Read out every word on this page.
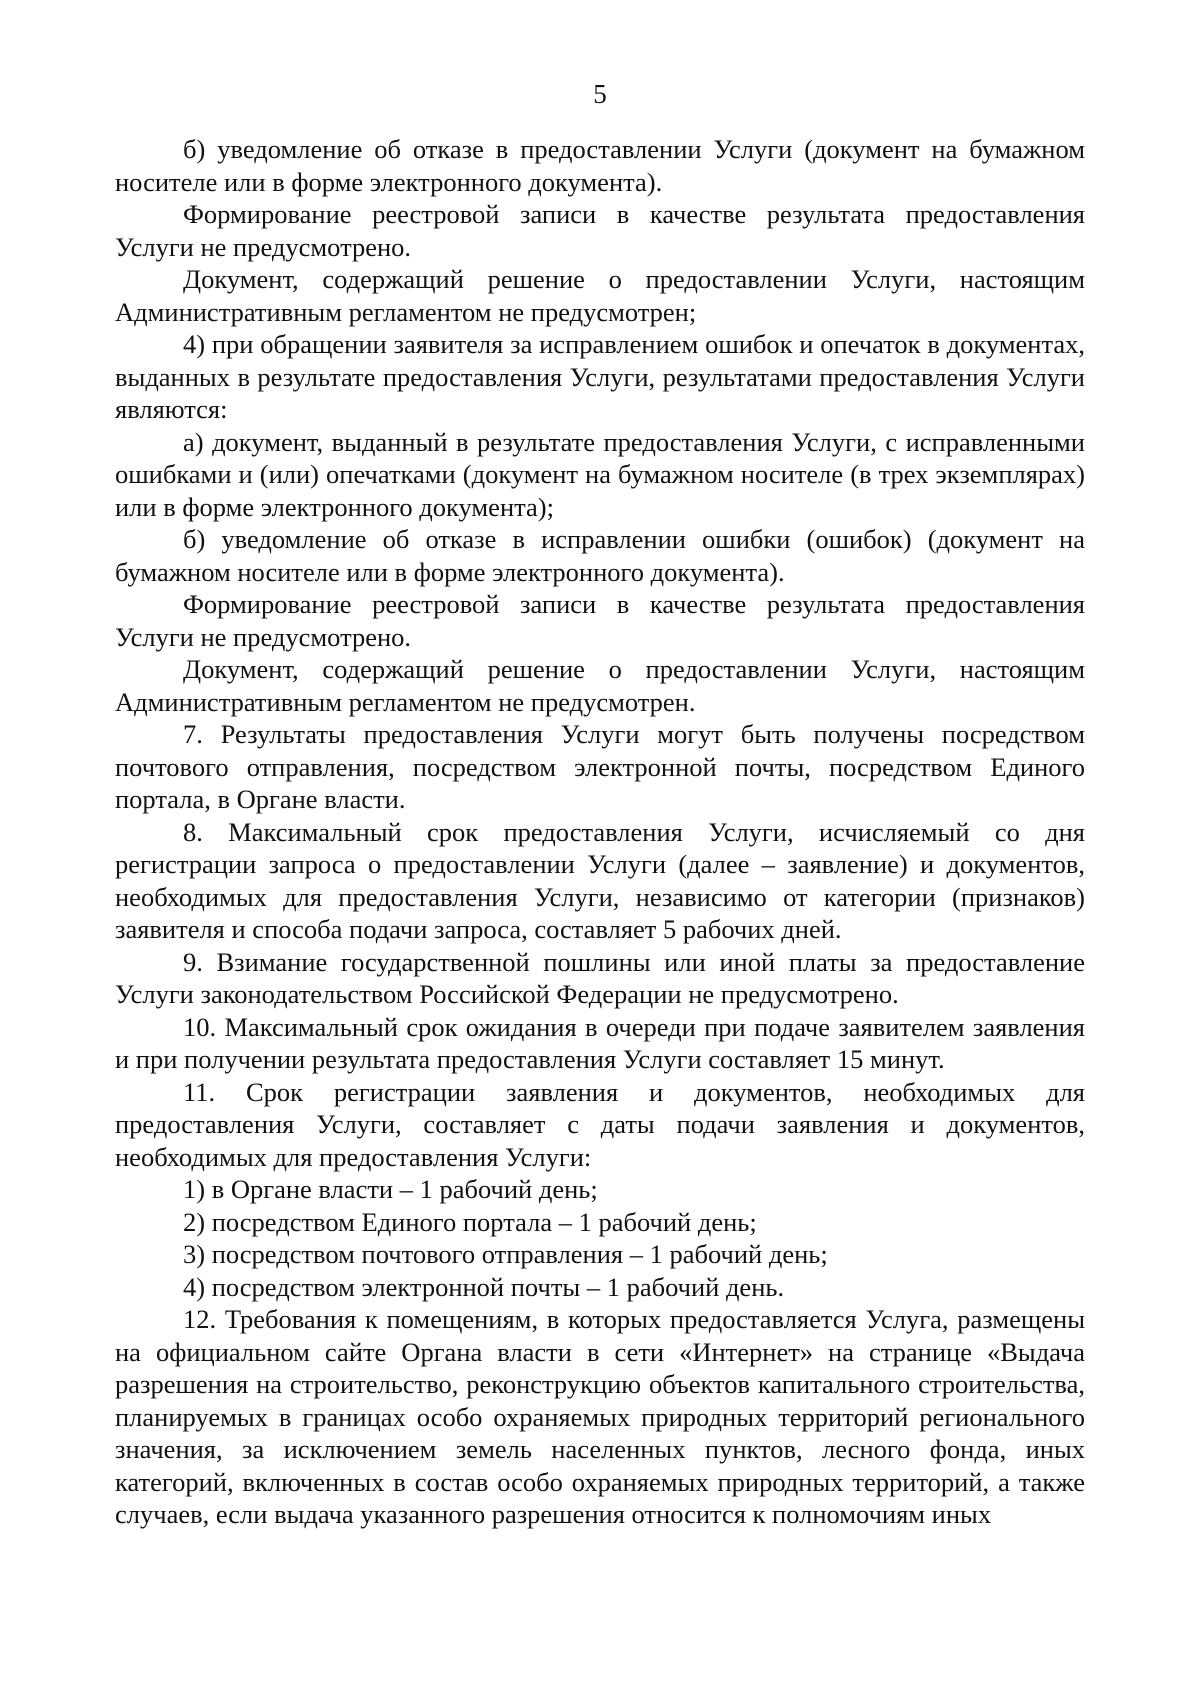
5

б) уведомление об отказе в предоставлении Услуги (документ на бумажном носителе или в форме электронного документа).

Формирование реестровой записи в качестве результата предоставления Услуги не предусмотрено.

Документ, содержащий решение о предоставлении Услуги, настоящим Административным регламентом не предусмотрен;

4) при обращении заявителя за исправлением ошибок и опечаток в документах, выданных в результате предоставления Услуги, результатами предоставления Услуги являются:

а) документ, выданный в результате предоставления Услуги, с исправленными ошибками и (или) опечатками (документ на бумажном носителе (в трех экземплярах) или в форме электронного документа);

б) уведомление об отказе в исправлении ошибки (ошибок) (документ на бумажном носителе или в форме электронного документа).

Формирование реестровой записи в качестве результата предоставления Услуги не предусмотрено.

Документ, содержащий решение о предоставлении Услуги, настоящим Административным регламентом не предусмотрен.

7. Результаты предоставления Услуги могут быть получены посредством почтового отправления, посредством электронной почты, посредством Единого портала, в Органе власти.

8. Максимальный срок предоставления Услуги, исчисляемый со дня регистрации запроса о предоставлении Услуги (далее – заявление) и документов, необходимых для предоставления Услуги, независимо от категории (признаков) заявителя и способа подачи запроса, составляет 5 рабочих дней.

9. Взимание государственной пошлины или иной платы за предоставление Услуги законодательством Российской Федерации не предусмотрено.

10. Максимальный срок ожидания в очереди при подаче заявителем заявления и при получении результата предоставления Услуги составляет 15 минут.

11. Срок регистрации заявления и документов, необходимых для предоставления Услуги, составляет с даты подачи заявления и документов, необходимых для предоставления Услуги:

1) в Органе власти – 1 рабочий день;

2) посредством Единого портала – 1 рабочий день;

3) посредством почтового отправления – 1 рабочий день;

4) посредством электронной почты – 1 рабочий день.

12. Требования к помещениям, в которых предоставляется Услуга, размещены на официальном сайте Органа власти в сети «Интернет» на странице «Выдача разрешения на строительство, реконструкцию объектов капитального строительства, планируемых в границах особо охраняемых природных территорий регионального значения, за исключением земель населенных пунктов, лесного фонда, иных категорий, включенных в состав особо охраняемых природных территорий, а также случаев, если выдача указанного разрешения относится к полномочиям иных
